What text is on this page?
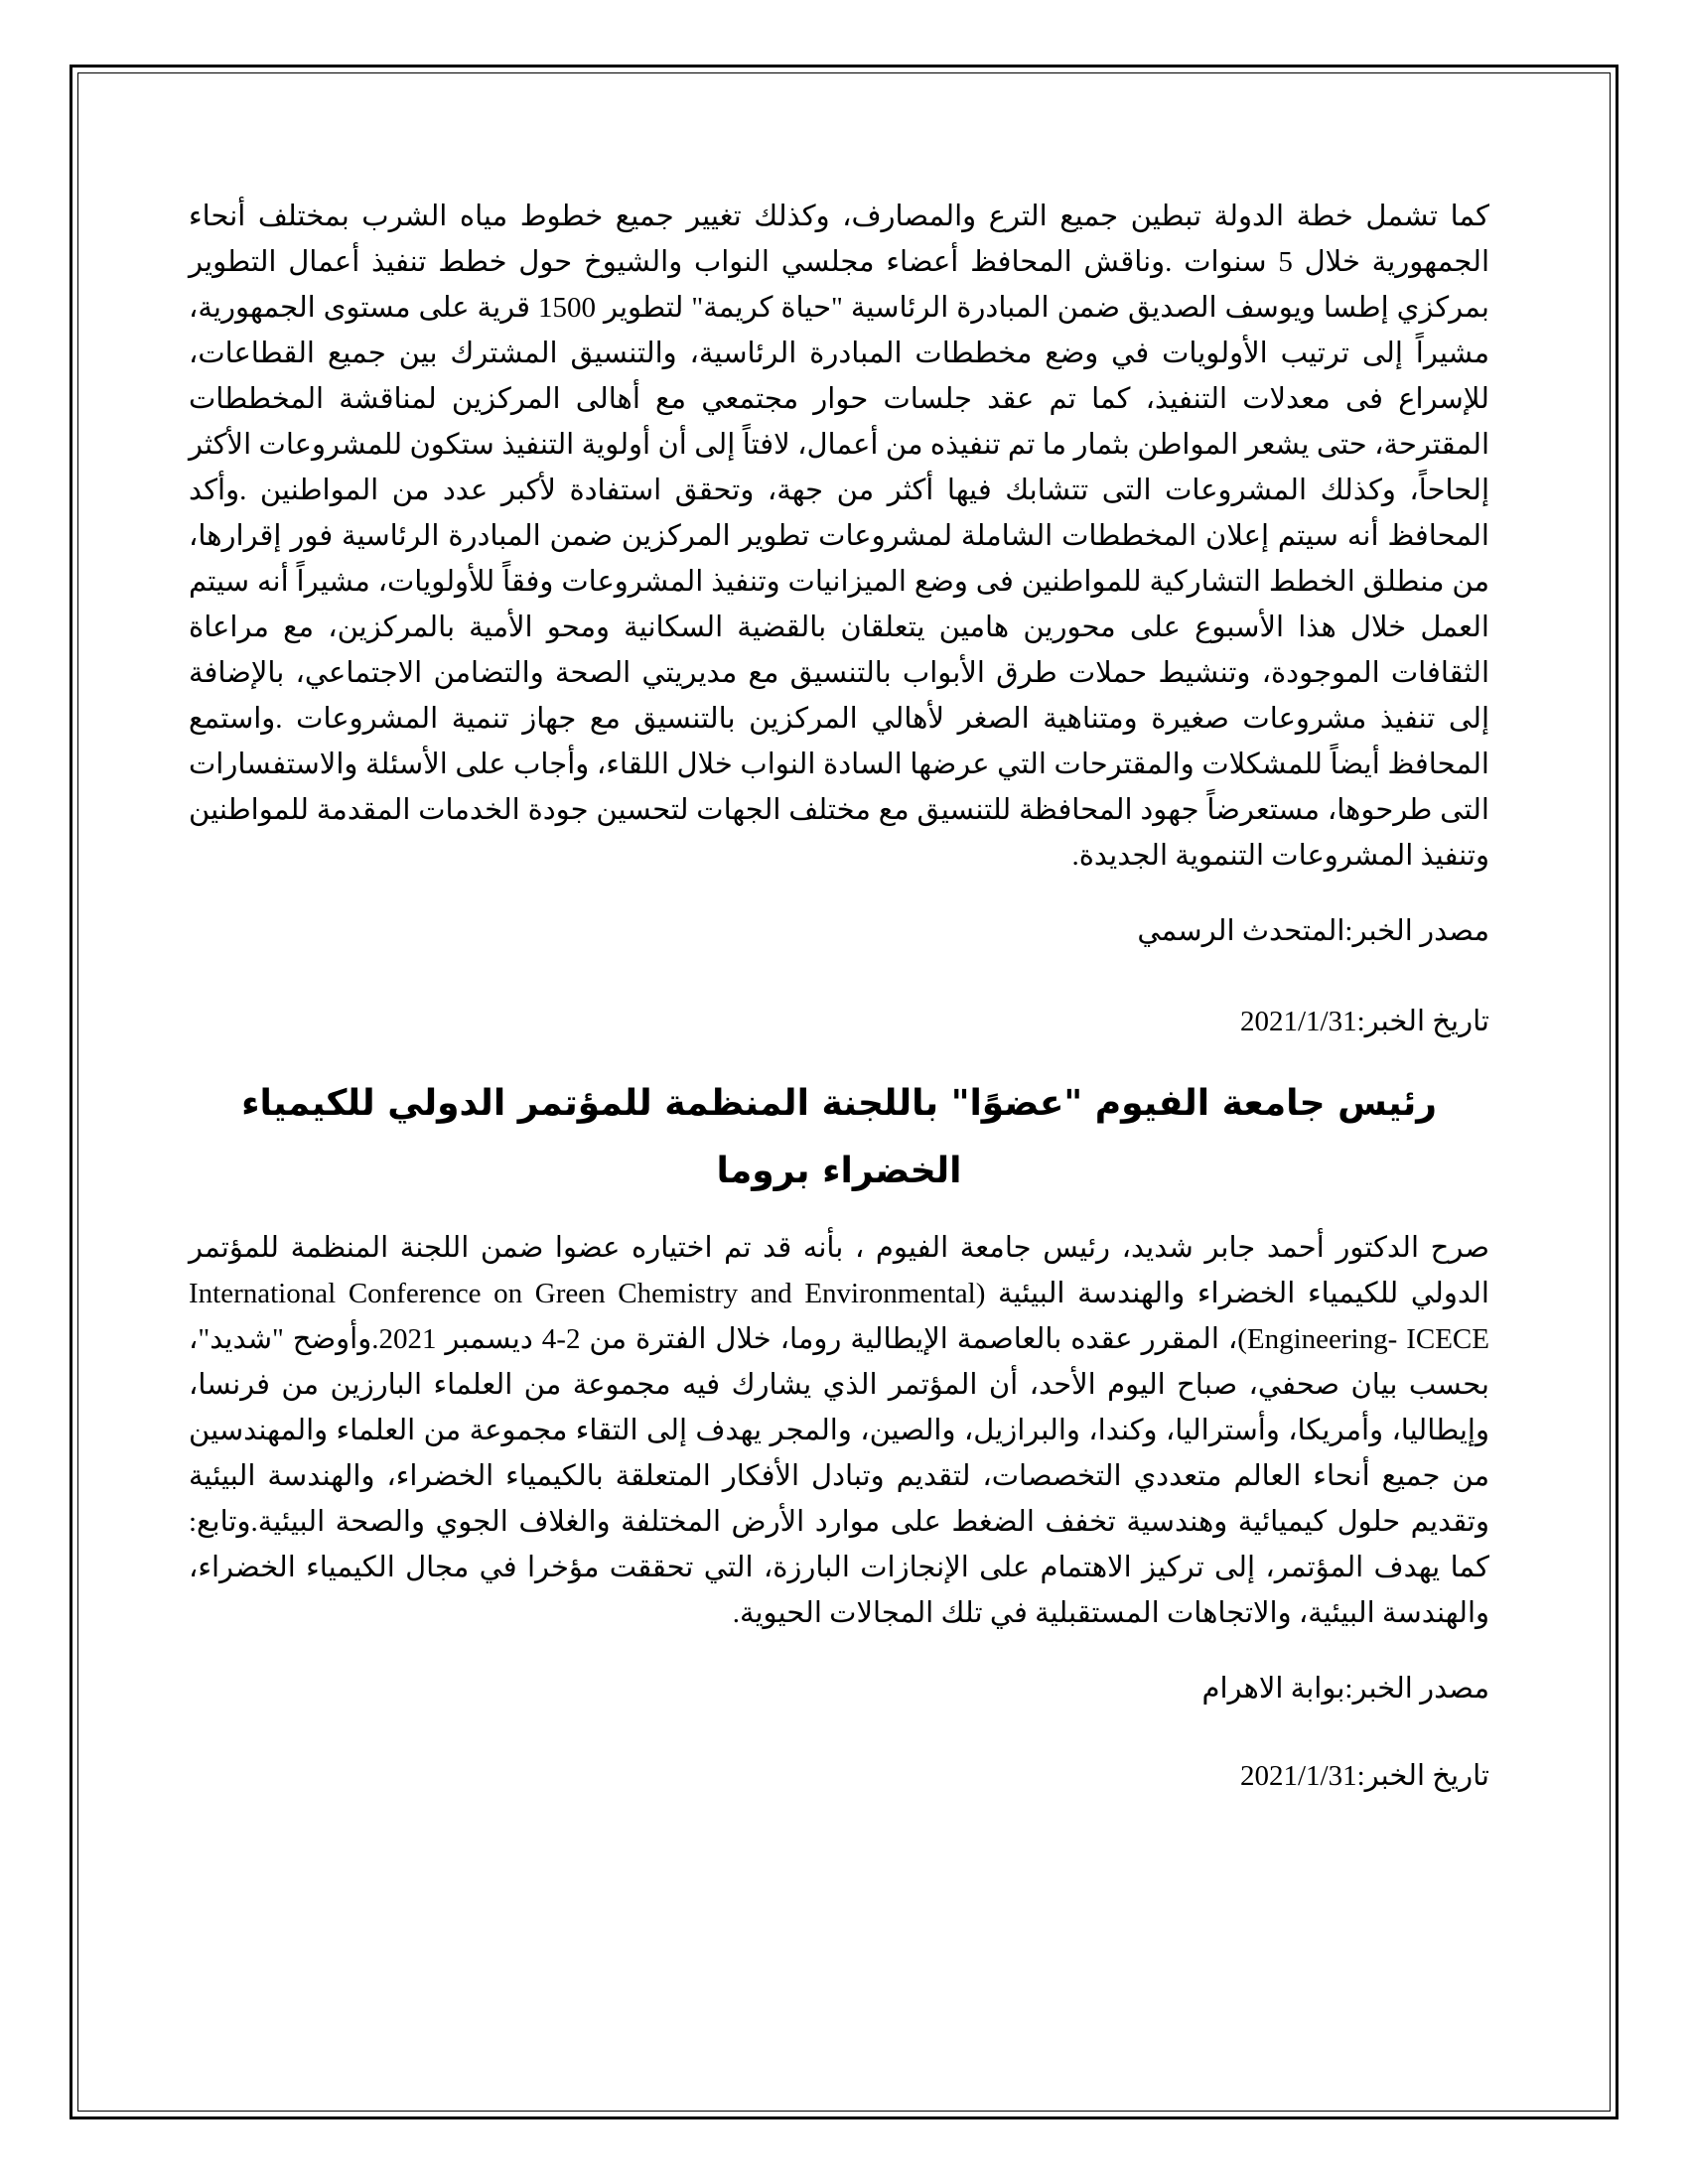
كما تشمل خطة الدولة تبطين جميع الترع والمصارف، وكذلك تغيير جميع خطوط مياه الشرب بمختلف أنحاء الجمهورية خلال 5 سنوات .وناقش المحافظ أعضاء مجلسي النواب والشيوخ حول خطط تنفيذ أعمال التطوير بمركزي إطسا ويوسف الصديق ضمن المبادرة الرئاسية "حياة كريمة" لتطوير 1500 قرية على مستوى الجمهورية، مشيراً إلى ترتيب الأولويات في وضع مخططات المبادرة الرئاسية، والتنسيق المشترك بين جميع القطاعات، للإسراع فى معدلات التنفيذ، كما تم عقد جلسات حوار مجتمعي مع أهالى المركزين لمناقشة المخططات المقترحة، حتى يشعر المواطن بثمار ما تم تنفيذه من أعمال، لافتاً إلى أن أولوية التنفيذ ستكون للمشروعات الأكثر إلحاحاً، وكذلك المشروعات التى تتشابك فيها أكثر من جهة، وتحقق استفادة لأكبر عدد من المواطنين .وأكد المحافظ أنه سيتم إعلان المخططات الشاملة لمشروعات تطوير المركزين ضمن المبادرة الرئاسية فور إقرارها، من منطلق الخطط التشاركية للمواطنين فى وضع الميزانيات وتنفيذ المشروعات وفقاً للأولويات، مشيراً أنه سيتم العمل خلال هذا الأسبوع على محورين هامين يتعلقان بالقضية السكانية ومحو الأمية بالمركزين، مع مراعاة الثقافات الموجودة، وتنشيط حملات طرق الأبواب بالتنسيق مع مديريتي الصحة والتضامن الاجتماعي، بالإضافة إلى تنفيذ مشروعات صغيرة ومتناهية الصغر لأهالي المركزين بالتنسيق مع جهاز تنمية المشروعات .واستمع المحافظ أيضاً للمشكلات والمقترحات التي عرضها السادة النواب خلال اللقاء، وأجاب على الأسئلة والاستفسارات التى طرحوها، مستعرضاً جهود المحافظة للتنسيق مع مختلف الجهات لتحسين جودة الخدمات المقدمة للمواطنين وتنفيذ المشروعات التنموية الجديدة.

مصدر الخبر:المتحدث الرسمي

تاريخ الخبر:2021/1/31

رئيس جامعة الفيوم "عضوًا" باللجنة المنظمة للمؤتمر الدولي للكيمياء الخضراء بروما

صرح الدكتور أحمد جابر شديد، رئيس جامعة الفيوم ، بأنه قد تم اختياره عضوا ضمن اللجنة المنظمة للمؤتمر الدولي للكيمياء الخضراء والهندسة البيئية (International Conference on Green Chemistry and Environmental Engineering- ICECE)، المقرر عقده بالعاصمة الإيطالية روما، خلال الفترة من 2-4 ديسمبر 2021.وأوضح "شديد"، بحسب بيان صحفي، صباح اليوم الأحد، أن المؤتمر الذي يشارك فيه مجموعة من العلماء البارزين من فرنسا، وإيطاليا، وأمريكا، وأستراليا، وكندا، والبرازيل، والصين، والمجر يهدف إلى التقاء مجموعة من العلماء والمهندسين من جميع أنحاء العالم متعددي التخصصات، لتقديم وتبادل الأفكار المتعلقة بالكيمياء الخضراء، والهندسة البيئية وتقديم حلول كيميائية وهندسية تخفف الضغط على موارد الأرض المختلفة والغلاف الجوي والصحة البيئية.وتابع: كما يهدف المؤتمر، إلى تركيز الاهتمام على الإنجازات البارزة، التي تحققت مؤخرا في مجال الكيمياء الخضراء، والهندسة البيئية، والاتجاهات المستقبلية في تلك المجالات الحيوية.

مصدر الخبر:بوابة الاهرام

تاريخ الخبر:2021/1/31
